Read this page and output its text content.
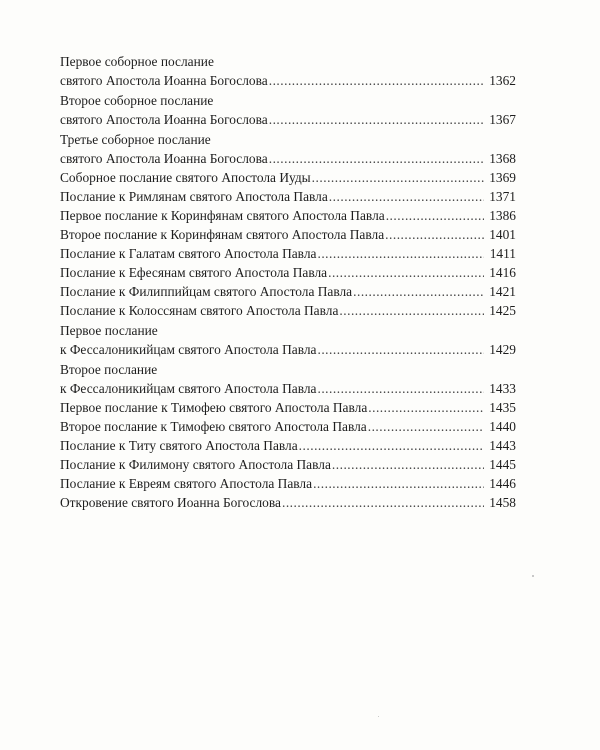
Первое соборное послание
святого Апостола Иоанна Богослова .....	1362
Второе соборное послание
святого Апостола Иоанна Богослова .....	1367
Третье соборное послание
святого Апостола Иоанна Богослова .....	1368
Соборное послание святого Апостола Иуды .....	1369
Послание к Римлянам святого Апостола Павла .....	1371
Первое послание к Коринфянам святого Апостола Павла .....	1386
Второе послание к Коринфянам святого Апостола Павла .....	1401
Послание к Галатам святого Апостола Павла .....	1411
Послание к Ефесянам святого Апостола Павла .....	1416
Послание к Филиппийцам святого Апостола Павла .....	1421
Послание к Колоссянам святого Апостола Павла .....	1425
Первое послание
к Фессалоникийцам святого Апостола Павла .....	1429
Второе послание
к Фессалоникийцам святого Апостола Павла .....	1433
Первое послание к Тимофею святого Апостола Павла .....	1435
Второе послание к Тимофею святого Апостола Павла .....	1440
Послание к Титу святого Апостола Павла .....	1443
Послание к Филимону святого Апостола Павла .....	1445
Послание к Евреям святого Апостола Павла .....	1446
Откровение святого Иоанна Богослова .....	1458
